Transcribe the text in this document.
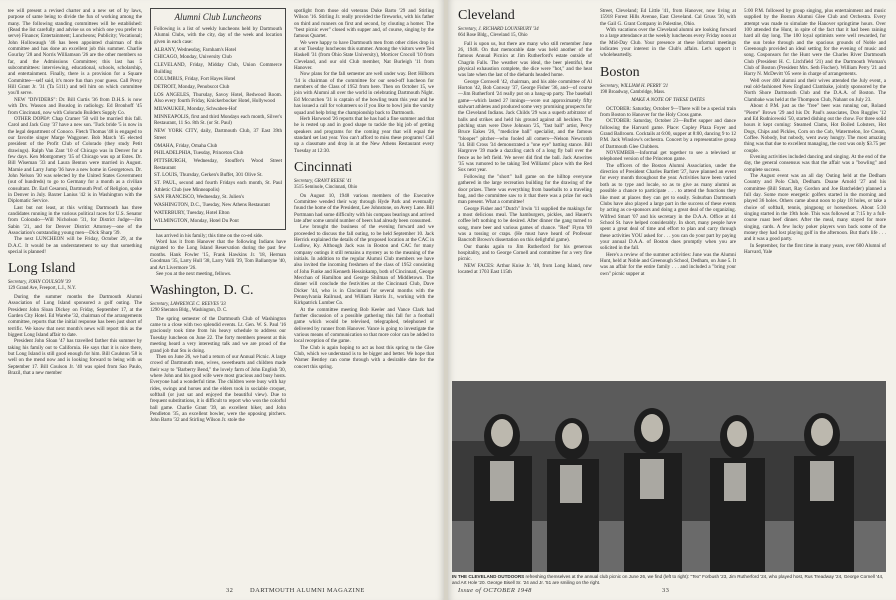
tee will present a revised charter and a new set of by laws, purpose of same being to divide the fun of working among the many. The following standing committees will be established: (Read the list carefully and advise us on which one you prefer to serve) Finance; Entertainment; Luncheons; Publicity; Vocational; John Hollowaugh '46 has been appointed chairman of this committee and has done an excellent job this summer. Charlie Gourlay '28 and Norris Williamson '26 are the other members so far, and the Admissions Committee; this last has 5 subcommittees: interviewing, educational, schools, scholarship, and entertainment. Finally, there is a provision for a Square Committee—self said, it's more fun than your guess. Call Prexy Hill Grant Jr. '31 (Ta 5111) and tell him on which committee you'll serve.

NEW "DIVIDERS": Dr. Bill Curtis '36 from D.H.S. is now with Drs. Wasson and Bouslog in radiology. Ed Bronhoff '45 from Cincinnati, now with Colorado Builders Supply Co.

OTHER DOPE#: Chap Cramer '50 will be married this fall. Carol and Jack Gray '37 have a new son. 'Tuck bride '5 is now in the legal department of Conoco. Fletch Thomas '48 is engaged to our favorite singer Marge Waggoner. Bob March '45 elected president of the Profit Club of Colorado (they study Petit drawings). Ralph Van Zant '10 of Chicago was in Denver for a few days. Ken Montgomery '35 of Chicago was up at Estes. Dr. Bill Wiseman '33 and Laura Benton were married in August. Marnie and Larry Jump '36 have a new home in Georgetown. Dr. John Nelson '30 was selected by the United States Government (out of hundreds) to go to Germany for a month as a civilian consultant. Dr. Earl Cesaroni, Dartmouth Prof. of Religion, spoke in Denver in July. Baxter Lanius '42 is in Washington with the Diplomatic Service.

Last but not least, at this writing Dartmouth has three candidates running in the various political races for U.S. Senator from Colorado—Will Nicholson '31, for District Judge—Jim Sabin '21, and for Denver District Attorney—one of the Association's outstanding young men—Dick Sharp '39.

The next LUNCHEON will be Friday, October 29, at the D.A.C. It would be an understatement to say that something special is planned!

Long Island
Secretary, JOHN COULSON '39
129 Grand Ave, Freeport, L.I., N.Y.

During the summer months the Dartmouth Alumni Association of Long Island sponsored a golf outing. The President John Sloan Dickey on Friday, September 17, at the Garden City Hotel. Ed Warehe '32, chairman of the arrangements committee, reports that the initial response has been just short of terrific. We know that next month's news will report this as the biggest Long Island affair to date.

President John Sloan '47 has travelled farther this summer by taking his family out to California. He says that it is nice there, but Long Island is still good enough for him. Bill Coulston '58 is well on the mend now and is looking forward to being with us September 17. Bill Coulson Jr. '40 was spied from Sao Paulo, Brazil, that a new member

Alumni Club Luncheons

Following is a list of weekly luncheons held by Dartmouth Alumni Clubs, with the city, day of the week and location given in each case:

ALBANY, Wednesday, Farnham's Hotel

CHICAGO, Monday, University Club

CLEVELAND, Friday, Midday Club, Union Commerce Building

COLUMBUS, Friday, Fort Hayes Hotel

DETROIT, Monday, Penobscot Club

LOS ANGELES, Thursday, Savoy Hotel, Redwood Room. Also every fourth Friday, Knickerbocker Hotel, Hollywood

MILWAUKEE, Monday, Schwaben-Hof

MINNEAPOLIS, first and third Mondays each month, Silver's Restaurant, 11 So. 8th St. (or St. Paul)

NEW YORK CITY, daily, Dartmouth Club, 37 East 39th Street

OMAHA, Friday, Omaha Club

PHILADELPHIA, Tuesday, Princeton Club

PITTSBURGH, Wednesday, Stouffer's Wood Street Restaurant

ST. LOUIS, Thursday, Gerken's Buffet, 301 Olive St.

ST. PAUL, second and fourth Fridays each month, St. Paul Athletic Club (see Minneapolis)

SAN FRANCISCO, Wednesday, St. Julien's

WASHINGTON, D.C., Tuesday, New Athens Restaurant

WATERBURY, Tuesday, Hotel Elton

WILMINGTON, Monday, Hotel Du Pont

has arrived in his family; this time on the co-ed side.

Word has it from Hanover that the following Indians have migrated to the Long Island Reservation during the past few months. Hank Fowler '15, Frank Hawkins Jr. '18, Herman Goodman '35, Larry Hull '38, Larry Valli '39, Tom Ballantyne '40, and Art Livermore '26.

See you at the next meeting, fellows.

Washington, D. C.
Secretary, LAWRENCE C. REEVES '33
1290 Sheraton Bldg., Washington, D. C.

The spring semester of the Dartmouth Club of Washington came to a close with two splendid events. Lt. Gen. W. S. Paul '16 graciously took time from his heavy schedule to address our Tuesday luncheon on June 22. The forty members present at this meeting heard a very interesting talk and we are proud of the grand job that Stu is doing.

Then on June 26, we had a return of our Annual Picnic. A large crowd of Dartmouth men, wives, sweethearts and children made their way to "Barberry Bend," the lovely farm of John English '30, where John and his good wife were most gracious and busy hosts. Everyone had a wonderful time. The children were busy with hay rides, swings and horses and the elders took in sociable croquet, softball (or just sat and enjoyed the beautiful view). Due to frequent substitutions, it is difficult to report who won the colorful ball game. Charlie Grant '39, an excellent hiker, and John Pendleton '35, an excellent bowler, were the opposing pitchers. John Barto '32 and Stirling Wilson Jr. stole the

spotlight from those old veterans Duke Barto '29 and Stirling Wilson '16. Stirling Jr. really provided the fireworks, with his father on third and runners on first and second, by clouting a homer. The "best picnic ever" closed with supper and, of course, singing by the famous Quartet.

We were happy to have Dartmouth men from other cities drop in at our Tuesday luncheons this summer. Among the visitors were Ted Haskell '31 (from Ohio State University), Morticer Crocoll '10 from Cleveland, and our old Club member, Nat Burleigh '11 from Hanover.

Now plans for the fall semester are well under way. Bert Hilborn '34 is chairman of the committee for our send-off luncheon for members of the Class of 1952 from here. Then on October 15, we join with Alumni all over the world in celebrating Dartmouth Night. Ed Mccutchen '31 is captain of the bowling team this year and he has issued a call for volunteers so if you like to bowl join the varsity squad and help bring the championship back to Dartmouth.

Herb Harwood '26 reports that he has had a fine summer and that he is rested up and in good shape to tackle the big job of getting speakers and programs for the coming year that will equal the standard set last year. You can't afford to miss these programs! Call up a classmate and drop in at the New Athens Restaurant every Tuesday at 12:30.

Cincinnati
Secretary, GRANT REESE '41
3515 Seminole, Cincinnati, Ohio

On August 10, 1948 various members of the Executive Committee wended their way through Hyde Park and eventually found the home of the President, Lee Johnstone, on Avery Lane. Bill Portmann had some difficulty with his compass bearings and arrived late after some untold number of beers had already been consumed.

Lew brought the business of the evening forward and we proceeded to discuss the fall outing, to be held September 10. Jack Herrick explained the details of the proposed location at the CAC in Ludlow, Ky. Although Jack was in Boston and CAC for many company outings it still remains a mystery as to the meaning of the initials. In addition to the regular Alumni Club members we have also invited the incoming freshmen of the class of 1952 consisting of John Funke and Kenneth Hessinkamp, both of Cincinnati, George Mecchan of Hamilton and George Shilman of Middletown. The dinner will conclude the festivities at the Cincinnati Club, Dave Dicker '44, who is in Cincinnati for several months with the Pennsylvania Railroad, and William Harris Jr., working with the Kirkpatrick Lumber Co.

At the committee meeting Bob Keeler and Vance Clark had further discussion of a possible gathering this fall for a football game which would be televised, telegraphed, telephoned or delivered by runner from Hanover. Vance is going to investigate the various means of communication so that more color can be added to local reception of the game.

The Club is again hoping to act as host this spring to the Glee Club, which we understand is to be bigger and better. We hope that Warner Bentley can come through with a desirable date for the concert this spring.

32	DARTMOUTH ALUMNI MAGAZINE
Cleveland
Secretary, J. RICHARD LOUNSBURY '34
664 Rose Bldg., Cleveland 15, Ohio

Fall is upon us, but there are many who still remember June 26, 1948. On that memorable date was held another of the famous Annual Picnics at Jim Rutherford's estate outside of Chagrin Falls. The weather was ideal, the beer plentiful, the physical exhaustion complete, the dice were "hot," and the heat was late when the last of the diehards headed home.

George Cornwell '42, chairman, and his able committee of Al Horton '42, Bob Conway '37, George Fisher '36, and—of course—Jim Rutherford '24 really put on a bang-up party. The baseball game—which lasted 27 innings—wore out approximately fifty stalwart athletes and produced some very promising prospects for the Cleveland Indians. Jack Childs '29 was a superb arbitrator of balls and strikes and held his ground against all hecklers. The pitching stars were Dave Johnson '25, "fast ball" artist, Percy Bruce Eakes '26, "medicine ball" specialist, and the famous "blooper" pitcher—who fooled all comers—Nelson Newcomb '34. Bill Cross '34 demonstrated a "one eye" batting stance. Bill Hargrove '39 made a dazzling catch of a long fly ball over the fence as he left field. We never did find the ball. Jack Anwrites '35 was rumored to be taking Ted Williams' place with the Red Sox next year.

Following the "short" ball game on the hilltop everyone gathered in the large recreation building for the drawing of the door prizes. There was everything from baseballs to a traveling bag, and the committee saw to it that there was a prize for each man present. What a committee!

George Fisher and "Dutch" Irwin '11 supplied the makings for a most delicious meal. The hamburgers, pickles, and Hauert's coffee left nothing to be desired. After dinner the gang turned to song, more beer and various games of chance. "Red" Flynn '09 was a tossing or craps. (He must have heard of Professor Bancroft Brown's dissertation on this delightful game).

Our thanks again to Jim Rutherford for his generous hospitality, and to George Cornell and committee for a very fine picnic.

NEW FACES: Arthur Knise Jr. '48, from Long Island, now located at 1703 East 115th

Street, Cleveland; Ed Little '41, from Hanover, now living at 15918 Forest Hills Avenue, East Cleveland. Cal Gruss '30, with the Gail G. Grant Company in Palestine, Ohio.

With vacations over the Cleveland alumni are looking forward to a large attendance at the weekly luncheons every Friday noon at the Mid-Day Club. Your presence at these informal meetings indicates your interest in the Club's affairs. Let's support it wholeheartedly.

Boston
Secretary, WILLIAM H. PERRY '21
198 Broadway, Cambridge, Mass.
MAKE A NOTE OF THESE DATES

OCTOBER: Saturday, October 9—There will be a special train from Boston to Hanover for the Holy Cross game.

OCTOBER: Saturday, October 23—Buffet supper and dance following the Harvard game. Place: Copley Plaza Foyer and Grand Ballroom. Cocktails at 6:00, supper at 8:00, dancing 9 to 12 P.M. Jack Winslow's orchestra. Concert by a representative group of Dartmouth Glee Clubbers.

NOVEMBER—Informal get together to see a televised or telephoned version of the Princeton game.

The officers of the Boston Alumni Association, under the direction of President Charles Bartlett '27, have planned an event for every month throughout the year. Activities have been varied both as to type and locale, so as to give as many alumni as possible a chance to participate . . . to attend the functions they like most at places they can get to easily. Suburban Dartmouth Clubs have also played a large part in the success of these events by acting as co-sponsors and doing a great deal of the organizing. Wilfred Smart '07 and his secretary in the D.A.A. Office at 44 School St. have helped considerably. In short, many people have spent a great deal of time and effort to plan and carry through these activities YOU asked for . . . you can do your part by paying your annual D.A.A. of Boston dues promptly when you are solicited in the fall.

Here's a review of the summer activities: June was the Alumni Hunt, held at Noble and Greenough School, Dedham, on June 5. It was an affair for the entire family . . . and included a "bring your own" picnic supper at

5:00 P.M. followed by group singing, plus entertainment and music supplied by the Boston Alumni Glee Club and Orchestra. Every attempt was made to simulate the Hanover springtime hours. Over 100 attended the Hunt, in spite of the fact that it had been raining hard all day long. The 100 loyal optimists were well rewarded, for the sun broke through and the spacious grounds of Noble and Greenough provided an ideal setting for the evening of music and song. Cosponsors for the Hunt were the Charles River Dartmouth Club (President H. C. Litchfield '21) and the Dartmouth Woman's Club of Boston (President Mrs. Seth Fischer). William Perry '21 and Harry N. McDevitt '05 were in charge of arrangements.

Well over 400 alumni and their wives attended the July event, a real old-fashioned New England Clambake, jointly sponsored by the North Shore Dartmouth Club and the D.A.A. of Boston. The Clambake was held at the Thompson Club, Nahant on July 23.

About 4 P.M. just as the "free" beer was running out, Roland "Pierre" Brown '29 and his Dr. Paul's associates, Don Ruggles '12 and Ed Rudnicewski '50, started dishing out the chow. For three solid hours it kept coming: Steamed Clams, Hot Boiled Lobsters, Hot Dogs, Chips and Pickles, Corn on the Cob, Watermelon, Ice Cream, Coffee. Nobody, but nobody, went away hungry. The most amazing thing was that due to excellent managing, the cost was only $3.75 per couple.

Evening activities included dancing and singing. At the end of the day, the general consensus was that the affair was a "bowling" and complete success.

The August event was an all day Outing held at the Dedham Country and Polo Club, Dedham. Doane Arnold '27 and his committee (Bill Smart, Ray Gordon and Joe Batchelder) planned a full day. Some more energetic golfers started in the morning and played 36 holes. Others came about noon to play 18 holes, or take a choice of softball, tennis, pingpong or horseshoes. About 5:30 singing started in the 19th hole. This was followed at 7:15 by a full-course roast beef dinner. After the meal, many stayed for more singing, cards. A few lucky poker players won back some of the money they had lost playing golf in the afternoon. But that's life . . . and it was a good party.

In September, for the first time in many years, over 600 Alumni of Harvard, Yale

Issue of OCTOBER 1948	33
IN THE CLEVELAND OUTDOORS refreshing themselves at the annual club picnic on June 26, we find (left to right): "Tex" Forbush '23, Jim Rutherford '24, who played host, Rus Treadway '24, George Cornell '44, and Art Hole '20. George Bisell Sr. '24 and Jr. '51 are smiling on the right.
